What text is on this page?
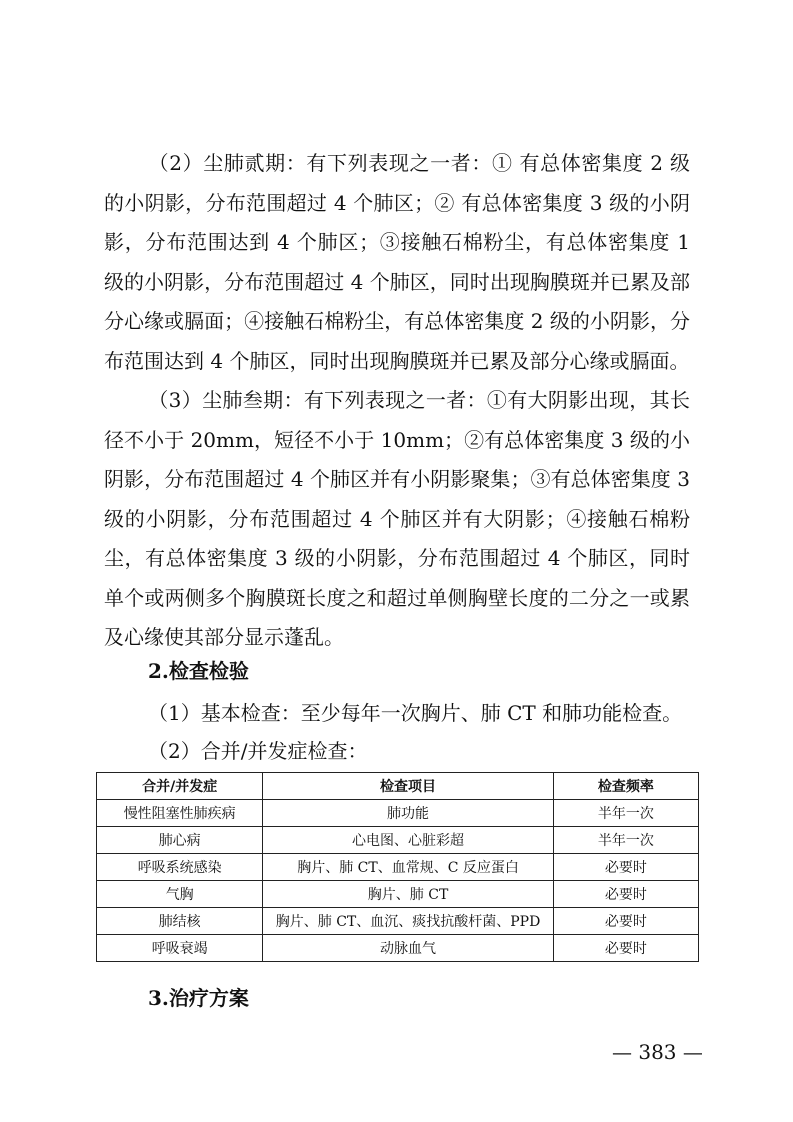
（2）尘肺贰期：有下列表现之一者：① 有总体密集度 2 级的小阴影，分布范围超过 4 个肺区；② 有总体密集度 3 级的小阴影，分布范围达到 4 个肺区；③接触石棉粉尘，有总体密集度 1 级的小阴影，分布范围超过 4 个肺区，同时出现胸膜斑并已累及部分心缘或膈面；④接触石棉粉尘，有总体密集度 2 级的小阴影，分布范围达到 4 个肺区，同时出现胸膜斑并已累及部分心缘或膈面。

（3）尘肺叁期：有下列表现之一者：①有大阴影出现，其长径不小于 20mm，短径不小于 10mm；②有总体密集度 3 级的小阴影，分布范围超过 4 个肺区并有小阴影聚集；③有总体密集度 3 级的小阴影，分布范围超过 4 个肺区并有大阴影；④接触石棉粉尘，有总体密集度 3 级的小阴影，分布范围超过 4 个肺区，同时单个或两侧多个胸膜斑长度之和超过单侧胸壁长度的二分之一或累及心缘使其部分显示蓬乱。

2.检查检验

（1）基本检查：至少每年一次胸片、肺 CT 和肺功能检查。

（2）合并/并发症检查：

合并/并发症	检查项目	检查频率
慢性阻塞性肺疾病	肺功能	半年一次
肺心病	心电图、心脏彩超	半年一次
呼吸系统感染	胸片、肺 CT、血常规、C 反应蛋白	必要时
气胸	胸片、肺 CT	必要时
肺结核	胸片、肺 CT、血沉、痰找抗酸杆菌、PPD	必要时
呼吸衰竭	动脉血气	必要时

3.治疗方案

— 383 —
